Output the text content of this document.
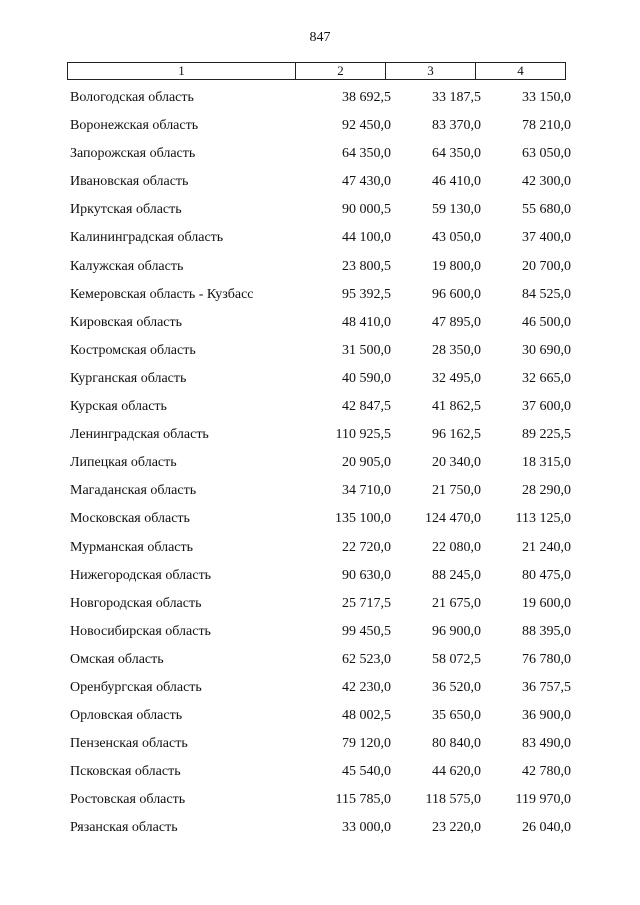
847
1	2	3	4
Вологодская область	38 692,5	33 187,5	33 150,0
Воронежская область	92 450,0	83 370,0	78 210,0
Запорожская область	64 350,0	64 350,0	63 050,0
Ивановская область	47 430,0	46 410,0	42 300,0
Иркутская область	90 000,5	59 130,0	55 680,0
Калининградская область	44 100,0	43 050,0	37 400,0
Калужская область	23 800,5	19 800,0	20 700,0
Кемеровская область - Кузбасс	95 392,5	96 600,0	84 525,0
Кировская область	48 410,0	47 895,0	46 500,0
Костромская область	31 500,0	28 350,0	30 690,0
Курганская область	40 590,0	32 495,0	32 665,0
Курская область	42 847,5	41 862,5	37 600,0
Ленинградская область	110 925,5	96 162,5	89 225,5
Липецкая область	20 905,0	20 340,0	18 315,0
Магаданская область	34 710,0	21 750,0	28 290,0
Московская область	135 100,0	124 470,0	113 125,0
Мурманская область	22 720,0	22 080,0	21 240,0
Нижегородская область	90 630,0	88 245,0	80 475,0
Новгородская область	25 717,5	21 675,0	19 600,0
Новосибирская область	99 450,5	96 900,0	88 395,0
Омская область	62 523,0	58 072,5	76 780,0
Оренбургская область	42 230,0	36 520,0	36 757,5
Орловская область	48 002,5	35 650,0	36 900,0
Пензенская область	79 120,0	80 840,0	83 490,0
Псковская область	45 540,0	44 620,0	42 780,0
Ростовская область	115 785,0	118 575,0	119 970,0
Рязанская область	33 000,0	23 220,0	26 040,0
